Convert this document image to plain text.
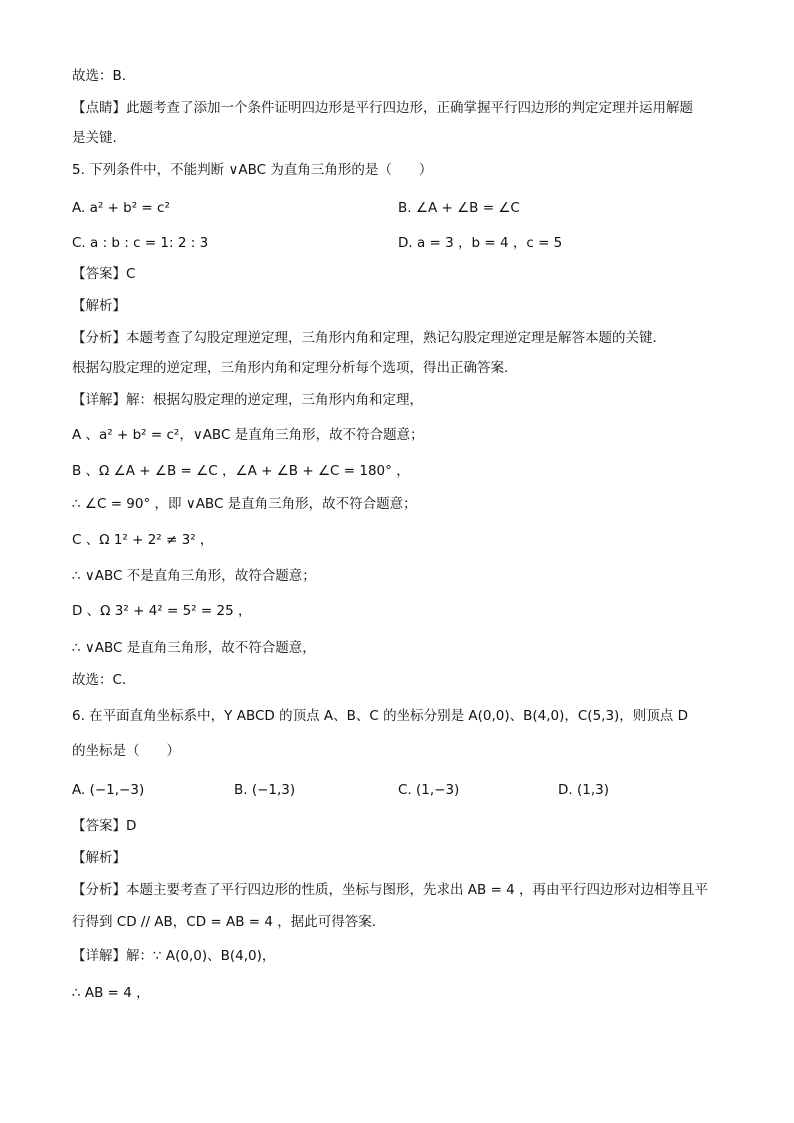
故选：B.
【点睛】此题考查了添加一个条件证明四边形是平行四边形，正确掌握平行四边形的判定定理并运用解题
是关键.
5. 下列条件中，不能判断 ∨ABC 为直角三角形的是（　　）
A. a² + b² = c²	B. ∠A + ∠B = ∠C
C. a : b : c = 1: 2 : 3	D. a = 3 ，b = 4 ，c = 5
【答案】C
【解析】
【分析】本题考查了勾股定理逆定理，三角形内角和定理，熟记勾股定理逆定理是解答本题的关键．
根据勾股定理的逆定理，三角形内角和定理分析每个选项，得出正确答案．
【详解】解：根据勾股定理的逆定理，三角形内角和定理，
A 、a² + b² = c²，∨ABC 是直角三角形，故不符合题意；
B 、Ω ∠A + ∠B = ∠C ，∠A + ∠B + ∠C = 180° ，
∴ ∠C = 90° ，即 ∨ABC 是直角三角形，故不符合题意；
C 、Ω 1² + 2² ≠ 3² ，
∴ ∨ABC 不是直角三角形，故符合题意；
D 、Ω 3² + 4² = 5² = 25 ，
∴ ∨ABC 是直角三角形，故不符合题意，
故选：C．
6. 在平面直角坐标系中，Y ABCD 的顶点 A、B、C 的坐标分别是 A(0,0)、B(4,0)，C(5,3)，则顶点 D
的坐标是（　　）
A. (−1,−3)	B. (−1,3)	C. (1,−3)	D. (1,3)
【答案】D
【解析】
【分析】本题主要考查了平行四边形的性质，坐标与图形，先求出 AB = 4 ，再由平行四边形对边相等且平
行得到 CD // AB，CD = AB = 4 ，据此可得答案．
【详解】解：∵ A(0,0)、B(4,0)，
∴ AB = 4 ，
